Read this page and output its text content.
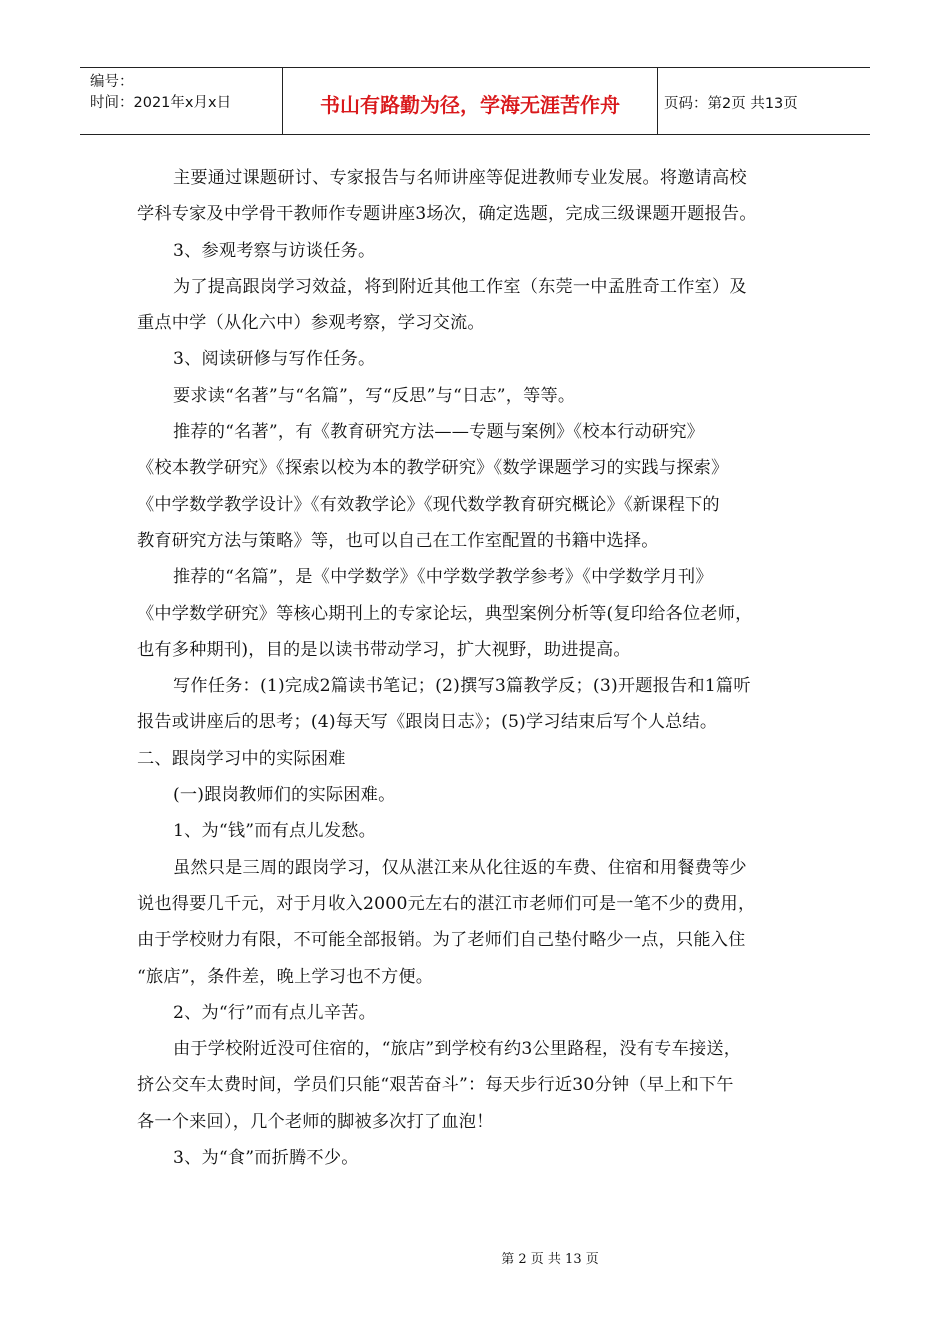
编号：
时间：2021年x月x日	书山有路勤为径，学海无涯苦作舟	页码：第2页 共13页

主要通过课题研讨、专家报告与名师讲座等促进教师专业发展。将邀请高校

学科专家及中学骨干教师作专题讲座3场次，确定选题，完成三级课题开题报告。

3、参观考察与访谈任务。

为了提高跟岗学习效益，将到附近其他工作室（东莞一中孟胜奇工作室）及

重点中学（从化六中）参观考察，学习交流。

3、阅读研修与写作任务。

要求读“名著”与“名篇”，写“反思”与“日志”，等等。

推荐的“名著”，有《教育研究方法——专题与案例》《校本行动研究》

《校本教学研究》《探索以校为本的教学研究》《数学课题学习的实践与探索》

《中学数学教学设计》《有效教学论》《现代数学教育研究概论》《新课程下的

教育研究方法与策略》等，也可以自己在工作室配置的书籍中选择。

推荐的“名篇”，是《中学数学》《中学数学教学参考》《中学数学月刊》

《中学数学研究》等核心期刊上的专家论坛，典型案例分析等(复印给各位老师，

也有多种期刊)，目的是以读书带动学习，扩大视野，助进提高。

写作任务：(1)完成2篇读书笔记；(2)撰写3篇教学反；(3)开题报告和1篇听

报告或讲座后的思考；(4)每天写《跟岗日志》；(5)学习结束后写个人总结。

二、跟岗学习中的实际困难

(一)跟岗教师们的实际困难。

1、为“钱”而有点儿发愁。

虽然只是三周的跟岗学习，仅从湛江来从化往返的车费、住宿和用餐费等少

说也得要几千元，对于月收入2000元左右的湛江市老师们可是一笔不少的费用，

由于学校财力有限，不可能全部报销。为了老师们自己垫付略少一点，只能入住

“旅店”，条件差，晚上学习也不方便。

2、为“行”而有点儿辛苦。

由于学校附近没可住宿的，“旅店”到学校有约3公里路程，没有专车接送，

挤公交车太费时间，学员们只能“艰苦奋斗”：每天步行近30分钟（早上和下午

各一个来回），几个老师的脚被多次打了血泡！

3、为“食”而折腾不少。

第 2 页 共 13 页
